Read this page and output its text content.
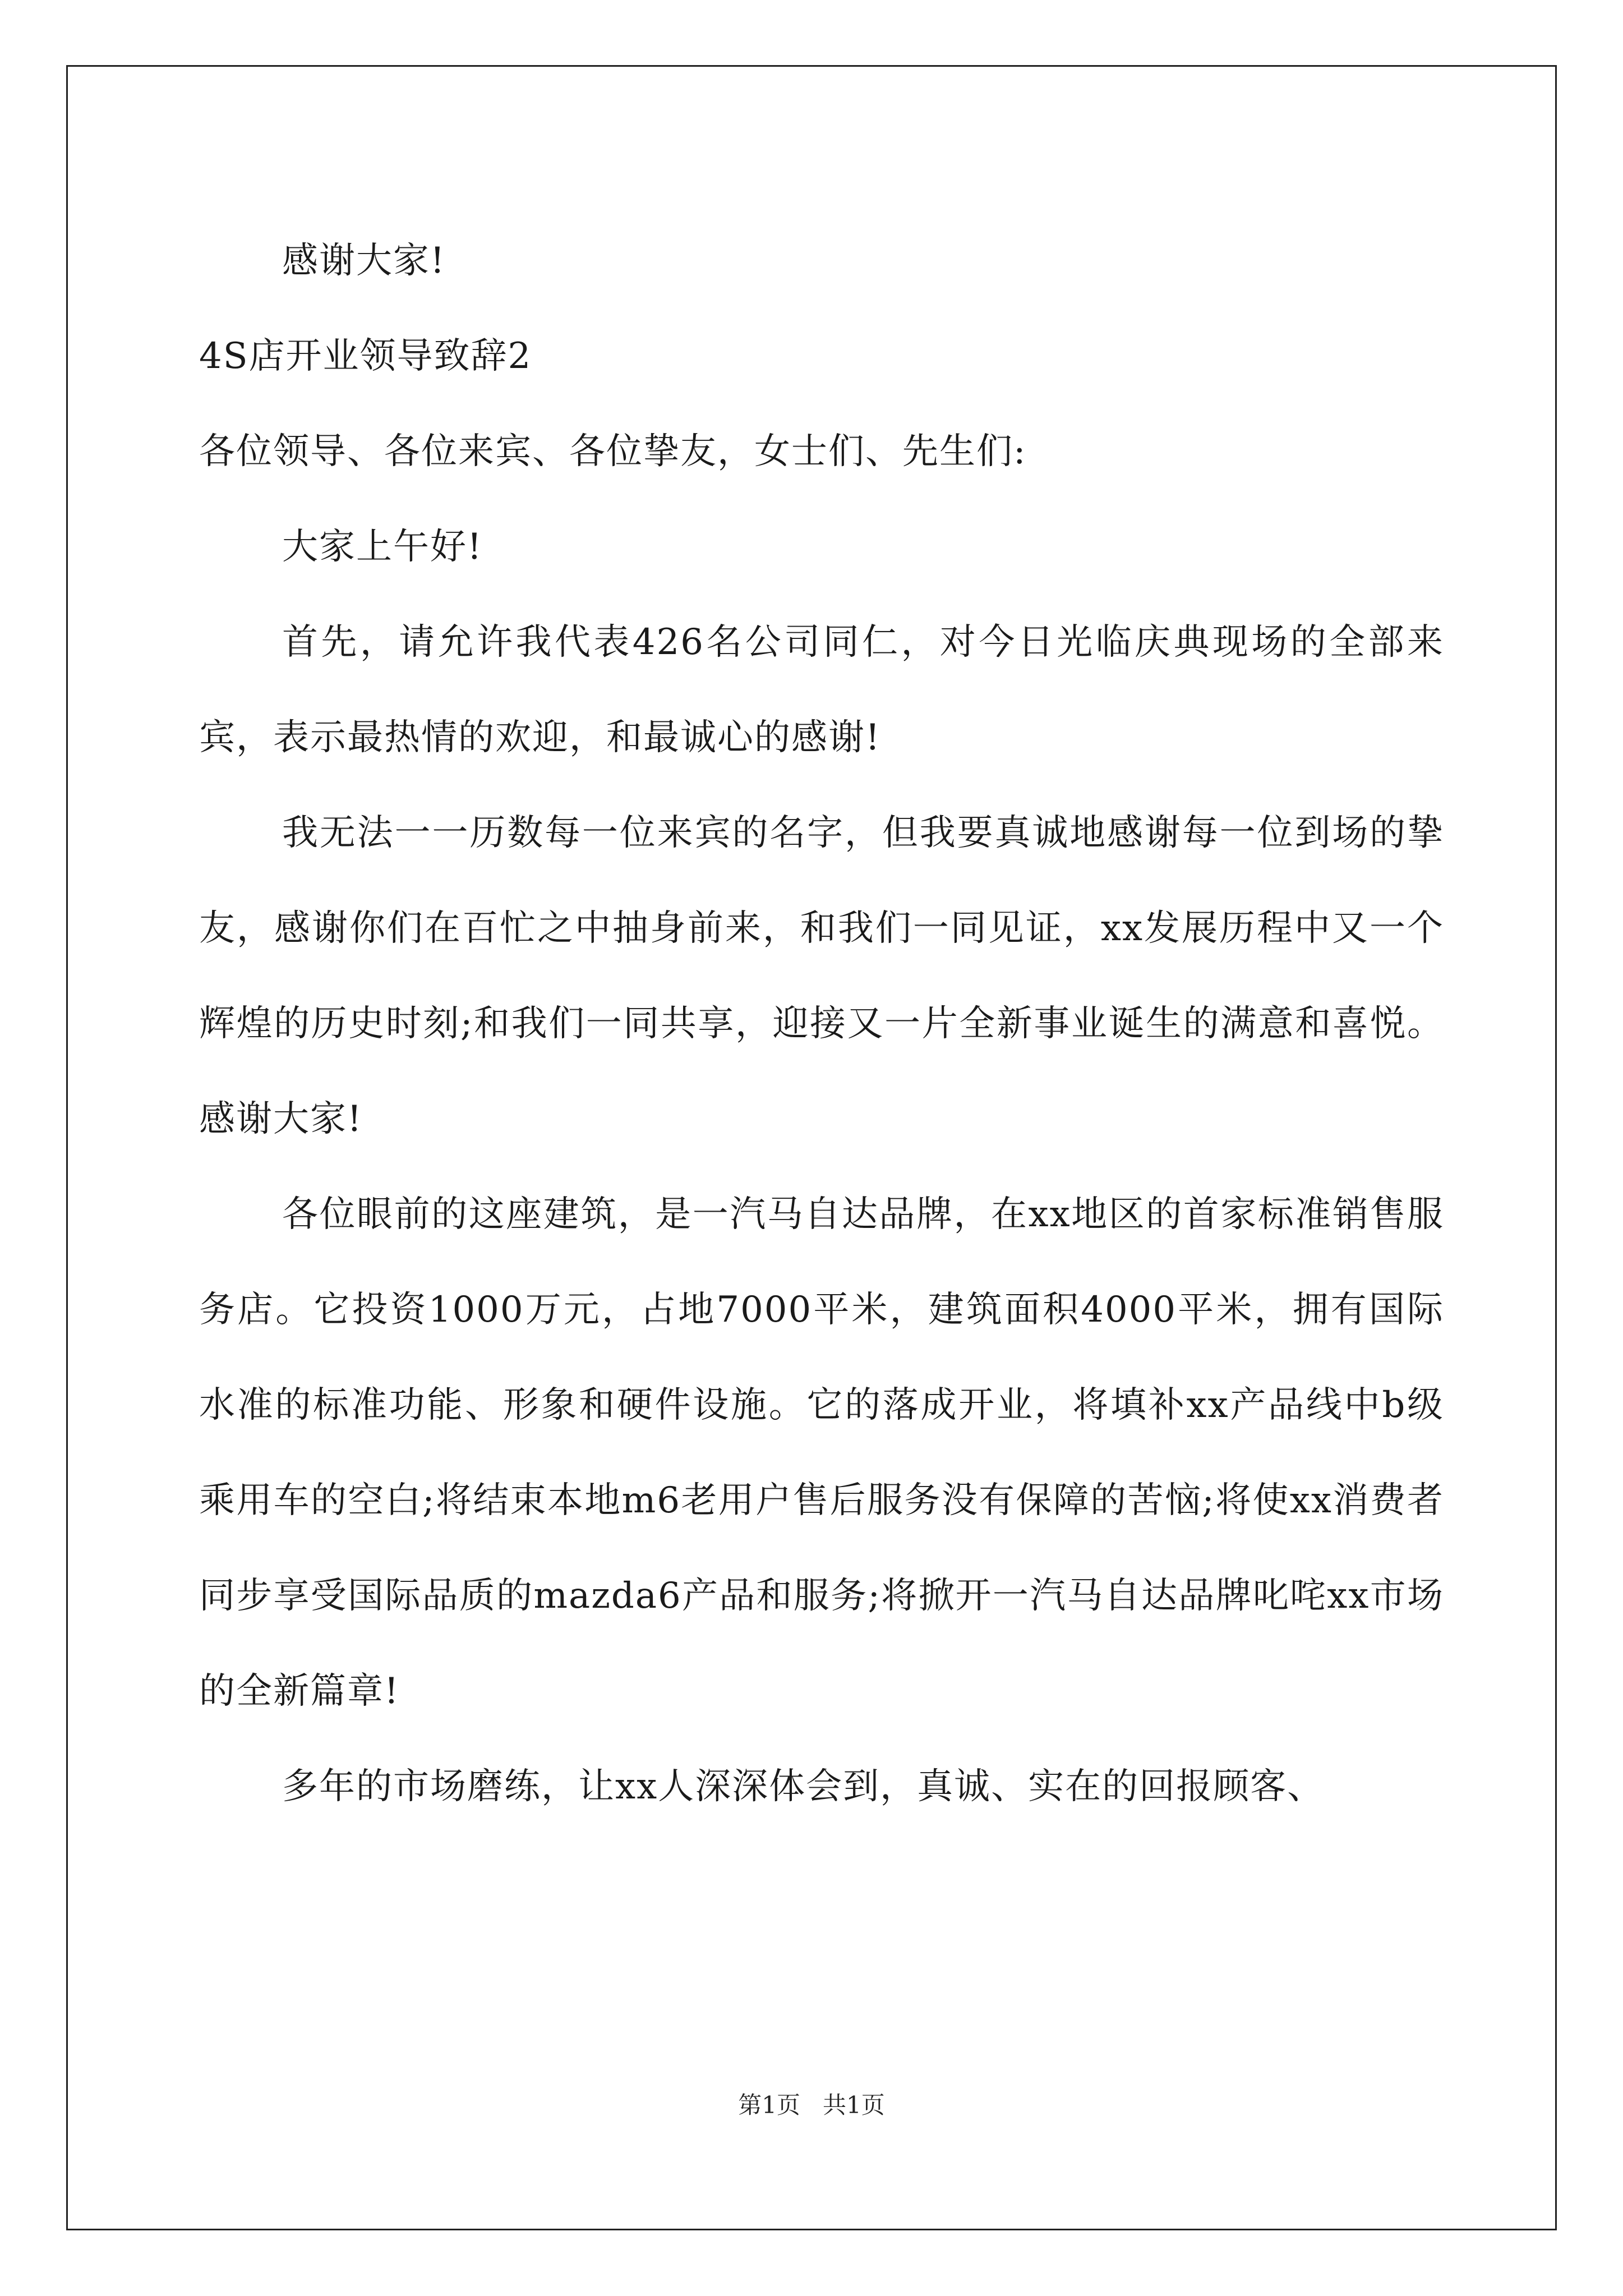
感谢大家!

4S店开业领导致辞2

各位领导、各位来宾、各位挚友，女士们、先生们:

大家上午好!

首先，请允许我代表426名公司同仁，对今日光临庆典现场的全部来宾，表示最热情的欢迎，和最诚心的感谢!

我无法一一历数每一位来宾的名字，但我要真诚地感谢每一位到场的挚友，感谢你们在百忙之中抽身前来，和我们一同见证，xx发展历程中又一个辉煌的历史时刻;和我们一同共享，迎接又一片全新事业诞生的满意和喜悦。感谢大家!

各位眼前的这座建筑，是一汽马自达品牌，在xx地区的首家标准销售服务店。它投资1000万元，占地7000平米，建筑面积4000平米，拥有国际水准的标准功能、形象和硬件设施。它的落成开业，将填补xx产品线中b级乘用车的空白;将结束本地m6老用户售后服务没有保障的苦恼;将使xx消费者同步享受国际品质的mazda6产品和服务;将掀开一汽马自达品牌叱咤xx市场的全新篇章!

多年的市场磨练，让xx人深深体会到，真诚、实在的回报顾客、

第1页   共1页
